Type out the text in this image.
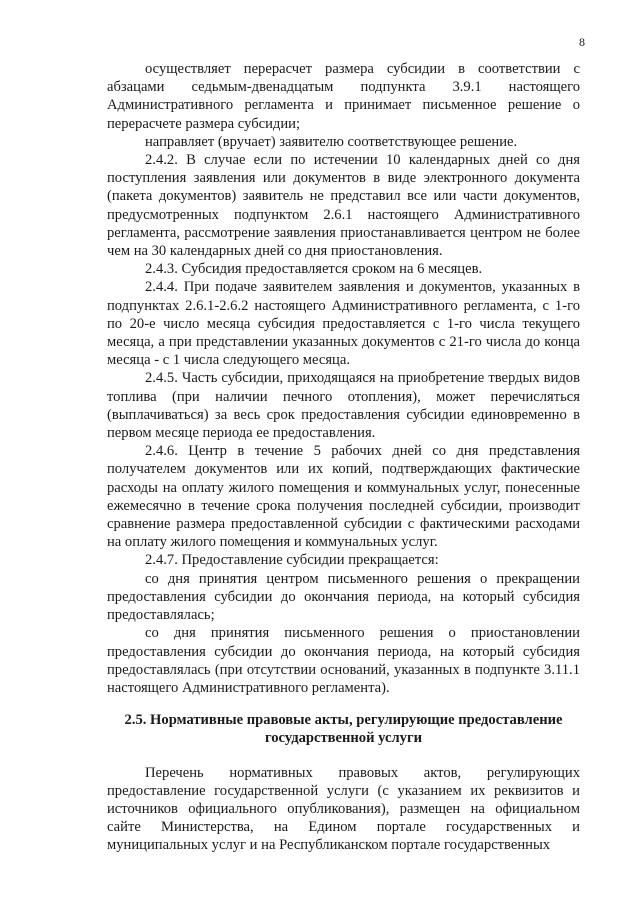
8

осуществляет перерасчет размера субсидии в соответствии с абзацами седьмым-двенадцатым подпункта 3.9.1 настоящего Административного регламента и принимает письменное решение о перерасчете размера субсидии;

направляет (вручает) заявителю соответствующее решение.

2.4.2. В случае если по истечении 10 календарных дней со дня поступления заявления или документов в виде электронного документа (пакета документов) заявитель не представил все или части документов, предусмотренных подпунктом 2.6.1 настоящего Административного регламента, рассмотрение заявления приостанавливается центром не более чем на 30 календарных дней со дня приостановления.

2.4.3. Субсидия предоставляется сроком на 6 месяцев.

2.4.4. При подаче заявителем заявления и документов, указанных в подпунктах 2.6.1-2.6.2 настоящего Административного регламента, с 1-го по 20-е число месяца субсидия предоставляется с 1-го числа текущего месяца, а при представлении указанных документов с 21-го числа до конца месяца - с 1 числа следующего месяца.

2.4.5. Часть субсидии, приходящаяся на приобретение твердых видов топлива (при наличии печного отопления), может перечисляться (выплачиваться) за весь срок предоставления субсидии единовременно в первом месяце периода ее предоставления.

2.4.6. Центр в течение 5 рабочих дней со дня представления получателем документов или их копий, подтверждающих фактические расходы на оплату жилого помещения и коммунальных услуг, понесенные ежемесячно в течение срока получения последней субсидии, производит сравнение размера предоставленной субсидии с фактическими расходами на оплату жилого помещения и коммунальных услуг.

2.4.7. Предоставление субсидии прекращается:

со дня принятия центром письменного решения о прекращении предоставления субсидии до окончания периода, на который субсидия предоставлялась;

со дня принятия письменного решения о приостановлении предоставления субсидии до окончания периода, на который субсидия предоставлялась (при отсутствии оснований, указанных в подпункте 3.11.1 настоящего Административного регламента).

2.5. Нормативные правовые акты, регулирующие предоставление государственной услуги

Перечень нормативных правовых актов, регулирующих предоставление государственной услуги (с указанием их реквизитов и источников официального опубликования), размещен на официальном сайте Министерства, на Едином портале государственных и муниципальных услуг и на Республиканском портале государственных
